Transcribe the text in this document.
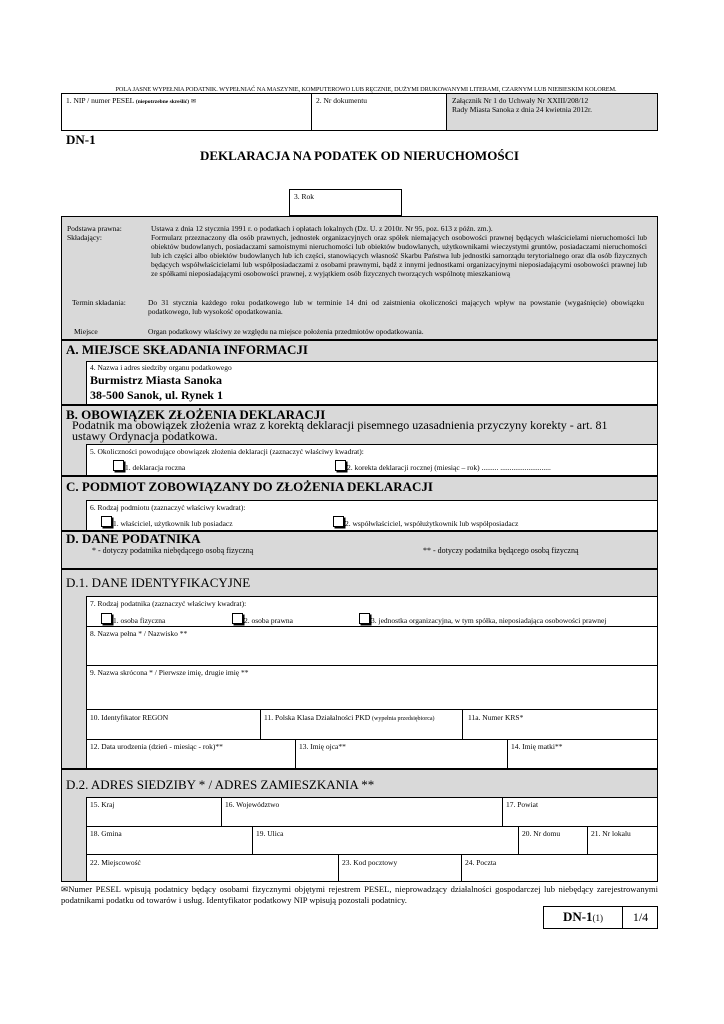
POLA JASNE WYPEŁNIA PODATNIK. WYPEŁNIAĆ NA MASZYNIE, KOMPUTEROWO LUB RĘCZNIE, DUŻYMI DRUKOWANYMI LITERAMI, CZARNYM LUB NIEBIESKIM KOLOREM.
1. NIP / numer PESEL (niepotrzebne skreślić) ✉	2. Nr dokumentu	Załącznik Nr 1 do Uchwały Nr XXIII/208/12
Rady Miasta Sanoka z dnia 24 kwietnia 2012r.
DN-1
DEKLARACJA NA PODATEK OD NIERUCHOMOŚCI
3. Rok
Podstawa prawna:	Ustawa z dnia 12 stycznia 1991 r. o podatkach i opłatach lokalnych (Dz. U. z 2010r. Nr 95, poz. 613 z późn. zm.).
Składający:	Formularz przeznaczony dla osób prawnych, jednostek organizacyjnych oraz spółek niemających osobowości prawnej będących właścicielami nieruchomości lub obiektów budowlanych, posiadaczami samoistnymi nieruchomości lub obiektów budowlanych, użytkownikami wieczystymi gruntów, posiadaczami nieruchomości lub ich części albo obiektów budowlanych lub ich części, stanowiących własność Skarbu Państwa lub jednostki samorządu terytorialnego oraz dla osób fizycznych będących współwłaścicielami lub współposiadaczami z osobami prawnymi, bądź z innymi jednostkami organizacyjnymi nieposiadającymi osobowości prawnej lub ze spółkami nieposiadającymi osobowości prawnej, z wyjątkiem osób fizycznych tworzących wspólnotę mieszkaniową
Termin składania:	Do 31 stycznia każdego roku podatkowego lub w terminie 14 dni od zaistnienia okoliczności mających wpływ na powstanie (wygaśnięcie) obowiązku podatkowego, lub wysokość opodatkowania.
Miejsce	Organ podatkowy właściwy ze względu na miejsce położenia przedmiotów opodatkowania.
A. MIEJSCE SKŁADANIA INFORMACJI
4. Nazwa i adres siedziby organu podatkowego
Burmistrz Miasta Sanoka
38-500 Sanok, ul. Rynek 1
B. OBOWIĄZEK ZŁOŻENIA DEKLARACJI
Podatnik ma obowiązek złożenia wraz z korektą deklaracji pisemnego uzasadnienia przyczyny korekty - art. 81
ustawy Ordynacja podatkowa.
5. Okoliczności powodujące obowiązek złożenia deklaracji (zaznaczyć właściwy kwadrat):
1. deklaracja roczna	2. korekta deklaracji rocznej (miesiąc – rok) ......... ...........................
C. PODMIOT ZOBOWIĄZANY DO ZŁOŻENIA DEKLARACJI
6. Rodzaj podmiotu (zaznaczyć właściwy kwadrat):
1. właściciel, użytkownik lub posiadacz	2. współwłaściciel, współużytkownik lub współposiadacz
D. DANE PODATNIKA
* - dotyczy podatnika niebędącego osobą fizyczną	** - dotyczy podatnika będącego osobą fizyczną
D.1. DANE IDENTYFIKACYJNE
7. Rodzaj podatnika (zaznaczyć właściwy kwadrat):
1. osoba fizyczna	2. osoba prawna	3. jednostka organizacyjna, w tym spółka, nieposiadająca osobowości prawnej
8. Nazwa pełna * / Nazwisko **
9. Nazwa skrócona * / Pierwsze imię, drugie imię **
10. Identyfikator REGON	11. Polska Klasa Działalności PKD (wypełnia przedsiębiorca)	11a. Numer KRS*
12. Data urodzenia (dzień - miesiąc - rok)**	13. Imię ojca**	14. Imię matki**
D.2. ADRES SIEDZIBY * / ADRES ZAMIESZKANIA **
15. Kraj	16. Województwo	17. Powiat
18. Gmina	19. Ulica	20. Nr domu	21. Nr lokalu
22. Miejscowość	23. Kod pocztowy	24. Poczta
✉Numer PESEL wpisują podatnicy będący osobami fizycznymi objętymi rejestrem PESEL, nieprowadzący działalności gospodarczej lub niebędący zarejestrowanymi podatnikami podatku od towarów i usług. Identyfikator podatkowy NIP wpisują pozostali podatnicy.
DN-1(1)	1/4
